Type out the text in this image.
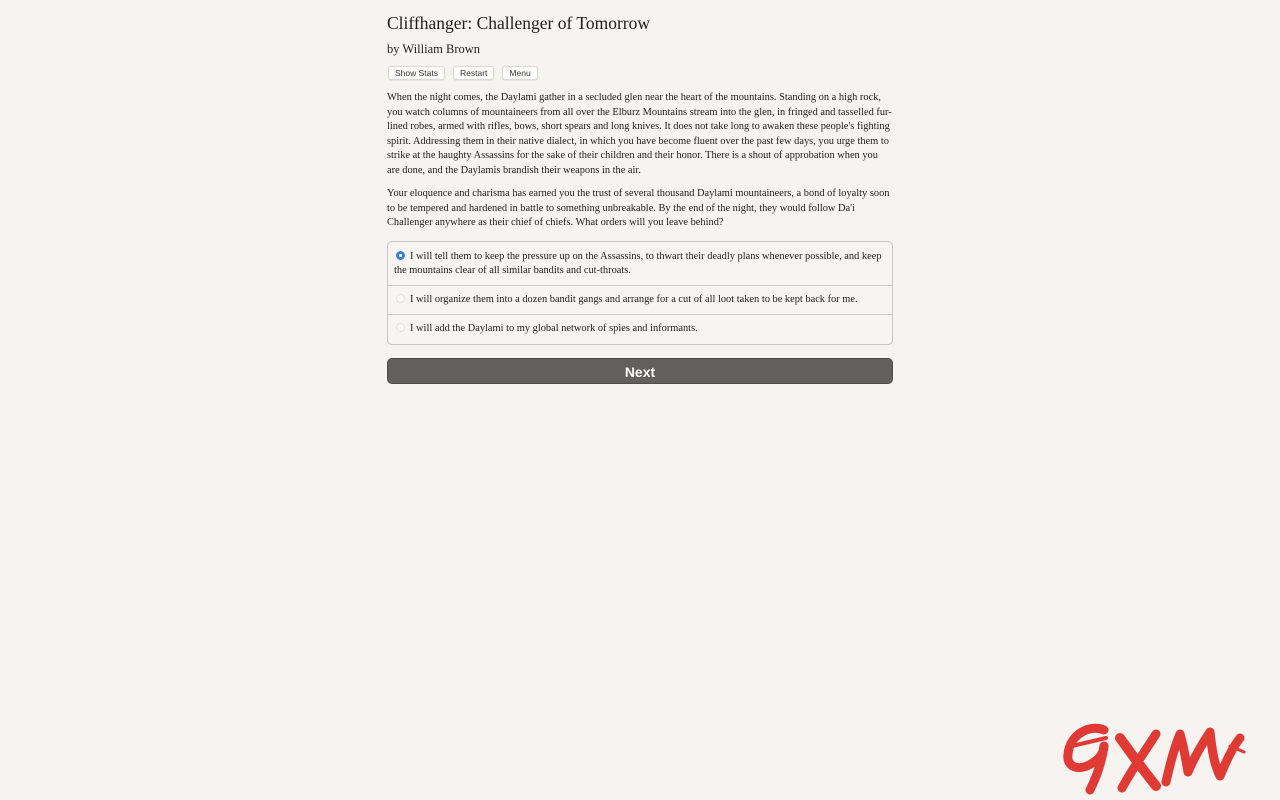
Cliffhanger: Challenger of Tomorrow
by William Brown
Show Stats	Restart	Menu

When the night comes, the Daylami gather in a secluded glen near the heart of the mountains. Standing on a high rock, you watch columns of mountaineers from all over the Elburz Mountains stream into the glen, in fringed and tasselled fur-lined robes, armed with rifles, bows, short spears and long knives. It does not take long to awaken these people's fighting spirit. Addressing them in their native dialect, in which you have become fluent over the past few days, you urge them to strike at the haughty Assassins for the sake of their children and their honor. There is a shout of approbation when you are done, and the Daylamis brandish their weapons in the air.

Your eloquence and charisma has earned you the trust of several thousand Daylami mountaineers, a bond of loyalty soon to be tempered and hardened in battle to something unbreakable. By the end of the night, they would follow Da'i Challenger anywhere as their chief of chiefs. What orders will you leave behind?

I will tell them to keep the pressure up on the Assassins, to thwart their deadly plans whenever possible, and keep the mountains clear of all similar bandits and cut-throats.
I will organize them into a dozen bandit gangs and arrange for a cut of all loot taken to be kept back for me.
I will add the Daylami to my global network of spies and informants.
Next
